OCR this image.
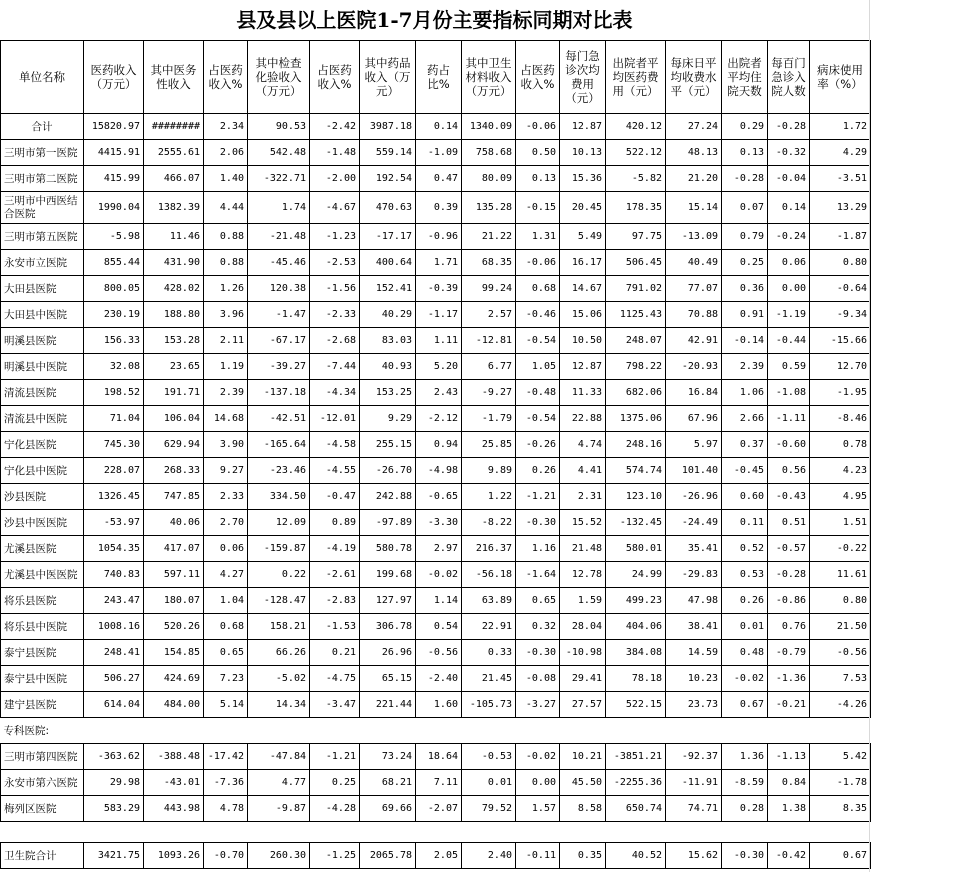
县及县以上医院1-7月份主要指标同期对比表
单位名称	医药收入（万元）	其中医务性收入	占医药收入%	其中检查化验收入（万元）	占医药收入%	其中药品收入（万元）	药占比%	其中卫生材料收入（万元）	占医药收入%	每门急诊次均费用（元）	出院者平均医药费用（元）	每床日平均收费水平（元）	出院者平均住院天数	每百门急诊入院人数	病床使用率（%）
合计	15820.97	########	2.34	90.53	-2.42	3987.18	0.14	1340.09	-0.06	12.87	420.12	27.24	0.29	-0.28	1.72
三明市第一医院	4415.91	2555.61	2.06	542.48	-1.48	559.14	-1.09	758.68	0.50	10.13	522.12	48.13	0.13	-0.32	4.29
三明市第二医院	415.99	466.07	1.40	-322.71	-2.00	192.54	0.47	80.09	0.13	15.36	-5.82	21.20	-0.28	-0.04	-3.51
三明市中西医结合医院	1990.04	1382.39	4.44	1.74	-4.67	470.63	0.39	135.28	-0.15	20.45	178.35	15.14	0.07	0.14	13.29
三明市第五医院	-5.98	11.46	0.88	-21.48	-1.23	-17.17	-0.96	21.22	1.31	5.49	97.75	-13.09	0.79	-0.24	-1.87
永安市立医院	855.44	431.90	0.88	-45.46	-2.53	400.64	1.71	68.35	-0.06	16.17	506.45	40.49	0.25	0.06	0.80
大田县医院	800.05	428.02	1.26	120.38	-1.56	152.41	-0.39	99.24	0.68	14.67	791.02	77.07	0.36	0.00	-0.64
大田县中医院	230.19	188.80	3.96	-1.47	-2.33	40.29	-1.17	2.57	-0.46	15.06	1125.43	70.88	0.91	-1.19	-9.34
明溪县医院	156.33	153.28	2.11	-67.17	-2.68	83.03	1.11	-12.81	-0.54	10.50	248.07	42.91	-0.14	-0.44	-15.66
明溪县中医院	32.08	23.65	1.19	-39.27	-7.44	40.93	5.20	6.77	1.05	12.87	798.22	-20.93	2.39	0.59	12.70
清流县医院	198.52	191.71	2.39	-137.18	-4.34	153.25	2.43	-9.27	-0.48	11.33	682.06	16.84	1.06	-1.08	-1.95
清流县中医院	71.04	106.04	14.68	-42.51	-12.01	9.29	-2.12	-1.79	-0.54	22.88	1375.06	67.96	2.66	-1.11	-8.46
宁化县医院	745.30	629.94	3.90	-165.64	-4.58	255.15	0.94	25.85	-0.26	4.74	248.16	5.97	0.37	-0.60	0.78
宁化县中医院	228.07	268.33	9.27	-23.46	-4.55	-26.70	-4.98	9.89	0.26	4.41	574.74	101.40	-0.45	0.56	4.23
沙县医院	1326.45	747.85	2.33	334.50	-0.47	242.88	-0.65	1.22	-1.21	2.31	123.10	-26.96	0.60	-0.43	4.95
沙县中医医院	-53.97	40.06	2.70	12.09	0.89	-97.89	-3.30	-8.22	-0.30	15.52	-132.45	-24.49	0.11	0.51	1.51
尤溪县医院	1054.35	417.07	0.06	-159.87	-4.19	580.78	2.97	216.37	1.16	21.48	580.01	35.41	0.52	-0.57	-0.22
尤溪县中医医院	740.83	597.11	4.27	0.22	-2.61	199.68	-0.02	-56.18	-1.64	12.78	24.99	-29.83	0.53	-0.28	11.61
将乐县医院	243.47	180.07	1.04	-128.47	-2.83	127.97	1.14	63.89	0.65	1.59	499.23	47.98	0.26	-0.86	0.80
将乐县中医院	1008.16	520.26	0.68	158.21	-1.53	306.78	0.54	22.91	0.32	28.04	404.06	38.41	0.01	0.76	21.50
泰宁县医院	248.41	154.85	0.65	66.26	0.21	26.96	-0.56	0.33	-0.30	-10.98	384.08	14.59	0.48	-0.79	-0.56
泰宁县中医院	506.27	424.69	7.23	-5.02	-4.75	65.15	-2.40	21.45	-0.08	29.41	78.18	10.23	-0.02	-1.36	7.53
建宁县医院	614.04	484.00	5.14	14.34	-3.47	221.44	1.60	-105.73	-3.27	27.57	522.15	23.73	0.67	-0.21	-4.26
专科医院:															
三明市第四医院	-363.62	-388.48	-17.42	-47.84	-1.21	73.24	18.64	-0.53	-0.02	10.21	-3851.21	-92.37	1.36	-1.13	5.42
永安市第六医院	29.98	-43.01	-7.36	4.77	0.25	68.21	7.11	0.01	0.00	45.50	-2255.36	-11.91	-8.59	0.84	-1.78
梅列区医院	583.29	443.98	4.78	-9.87	-4.28	69.66	-2.07	79.52	1.57	8.58	650.74	74.71	0.28	1.38	8.35

卫生院合计	3421.75	1093.26	-0.70	260.30	-1.25	2065.78	2.05	2.40	-0.11	0.35	40.52	15.62	-0.30	-0.42	0.67
